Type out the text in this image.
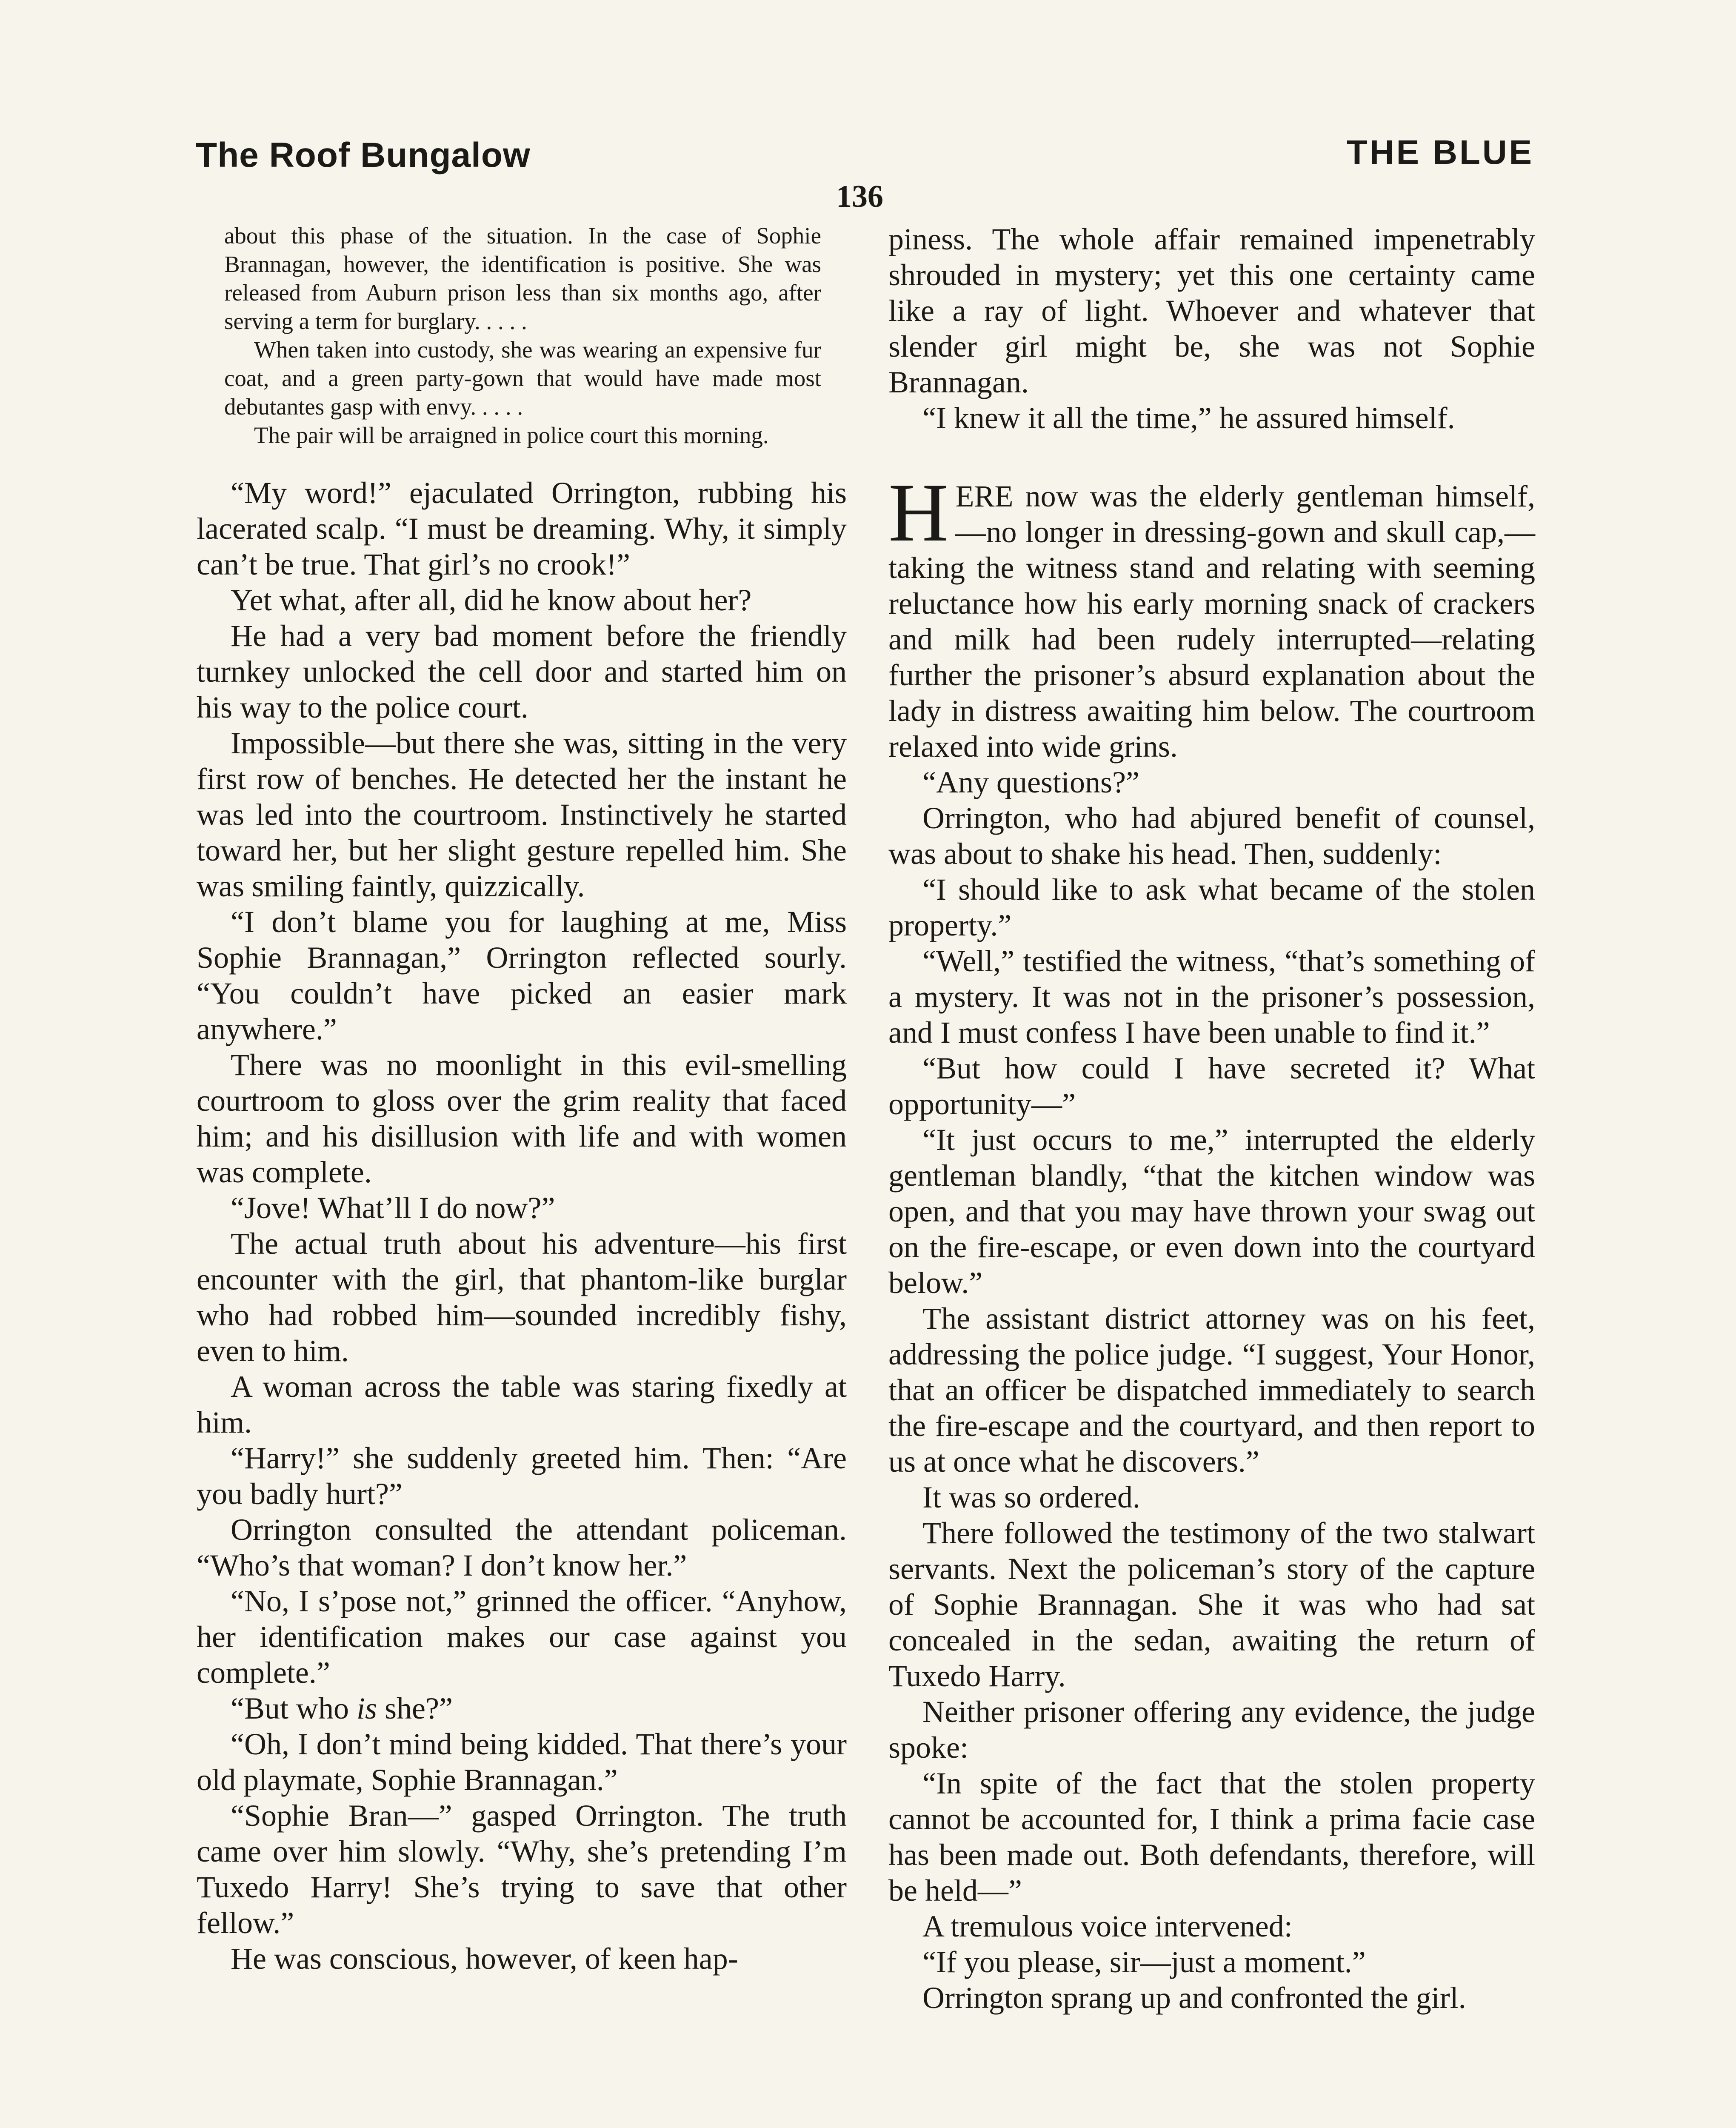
The Roof Bungalow	THE BLUE
136

about this phase of the situation. In the case of Sophie Brannagan, however, the identification is positive. She was released from Auburn prison less than six months ago, after serving a term for burglary. . . . .

When taken into custody, she was wearing an expensive fur coat, and a green party-gown that would have made most debutantes gasp with envy. . . . .

The pair will be arraigned in police court this morning.

“My word!” ejaculated Orrington, rubbing his lacerated scalp. “I must be dreaming. Why, it simply can’t be true. That girl’s no crook!”

Yet what, after all, did he know about her?

He had a very bad moment before the friendly turnkey unlocked the cell door and started him on his way to the police court.

Impossible—but there she was, sitting in the very first row of benches. He detected her the instant he was led into the courtroom. Instinctively he started toward her, but her slight gesture repelled him. She was smiling faintly, quizzically.

“I don’t blame you for laughing at me, Miss Sophie Brannagan,” Orrington reflected sourly. “You couldn’t have picked an easier mark anywhere.”

There was no moonlight in this evil-smelling courtroom to gloss over the grim reality that faced him; and his disillusion with life and with women was complete.

“Jove! What’ll I do now?”

The actual truth about his adventure—his first encounter with the girl, that phantom-like burglar who had robbed him—sounded incredibly fishy, even to him.

A woman across the table was staring fixedly at him.

“Harry!” she suddenly greeted him. Then: “Are you badly hurt?”

Orrington consulted the attendant policeman. “Who’s that woman? I don’t know her.”

“No, I s’pose not,” grinned the officer. “Anyhow, her identification makes our case against you complete.”

“But who is she?”

“Oh, I don’t mind being kidded. That there’s your old playmate, Sophie Brannagan.”

“Sophie Bran—” gasped Orrington. The truth came over him slowly. “Why, she’s pretending I’m Tuxedo Harry! She’s trying to save that other fellow.”

He was conscious, however, of keen hap-

piness. The whole affair remained impenetrably shrouded in mystery; yet this one certainty came like a ray of light. Whoever and whatever that slender girl might be, she was not Sophie Brannagan.

“I knew it all the time,” he assured himself.

HERE now was the elderly gentleman himself,—no longer in dressing-gown and skull cap,—taking the witness stand and relating with seeming reluctance how his early morning snack of crackers and milk had been rudely interrupted—relating further the prisoner’s absurd explanation about the lady in distress awaiting him below. The courtroom relaxed into wide grins.

“Any questions?”

Orrington, who had abjured benefit of counsel, was about to shake his head. Then, suddenly:

“I should like to ask what became of the stolen property.”

“Well,” testified the witness, “that’s something of a mystery. It was not in the prisoner’s possession, and I must confess I have been unable to find it.”

“But how could I have secreted it? What opportunity—”

“It just occurs to me,” interrupted the elderly gentleman blandly, “that the kitchen window was open, and that you may have thrown your swag out on the fire-escape, or even down into the courtyard below.”

The assistant district attorney was on his feet, addressing the police judge. “I suggest, Your Honor, that an officer be dispatched immediately to search the fire-escape and the courtyard, and then report to us at once what he discovers.”

It was so ordered.

There followed the testimony of the two stalwart servants. Next the policeman’s story of the capture of Sophie Brannagan. She it was who had sat concealed in the sedan, awaiting the return of Tuxedo Harry.

Neither prisoner offering any evidence, the judge spoke:

“In spite of the fact that the stolen property cannot be accounted for, I think a prima facie case has been made out. Both defendants, therefore, will be held—”

A tremulous voice intervened:

“If you please, sir—just a moment.”

Orrington sprang up and confronted the girl.
